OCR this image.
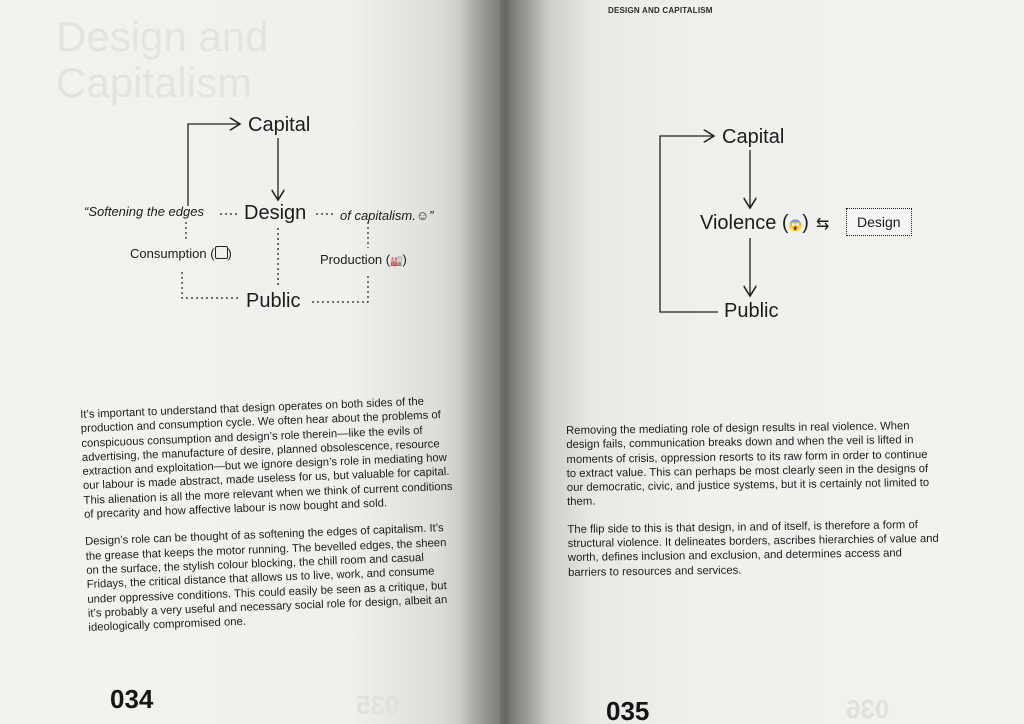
Design and
Capitalism
Capital
Design
Public
“Softening the edges	of capitalism.☺”
Consumption ( )	Production (🏭)

It’s important to understand that design operates on both sides of the production and consumption cycle. We often hear about the problems of conspicuous consumption and design’s role therein—like the evils of advertising, the manufacture of desire, planned obsolescence, resource extraction and exploitation—but we ignore design’s role in mediating how our labour is made abstract, made useless for us, but valuable for capital. This alienation is all the more relevant when we think of current conditions of precarity and how affective labour is now bought and sold.

Design’s role can be thought of as softening the edges of capitalism. It’s the grease that keeps the motor running. The bevelled edges, the sheen on the surface, the stylish colour blocking, the chill room and casual Fridays, the critical distance that allows us to live, work, and consume under oppressive conditions. This could easily be seen as a critique, but it’s probably a very useful and necessary social role for design, albeit an ideologically compromised one.

034	035
DESIGN AND CAPITALISM
Capital
Violence (😱) ⇆
Public
Design

Removing the mediating role of design results in real violence. When design fails, communication breaks down and when the veil is lifted in moments of crisis, oppression resorts to its raw form in order to continue to extract value. This can perhaps be most clearly seen in the designs of our democratic, civic, and justice systems, but it is certainly not limited to them.

The flip side to this is that design, in and of itself, is therefore a form of structural violence. It delineates borders, ascribes hierarchies of value and worth, defines inclusion and exclusion, and determines access and barriers to resources and services.

035	036
